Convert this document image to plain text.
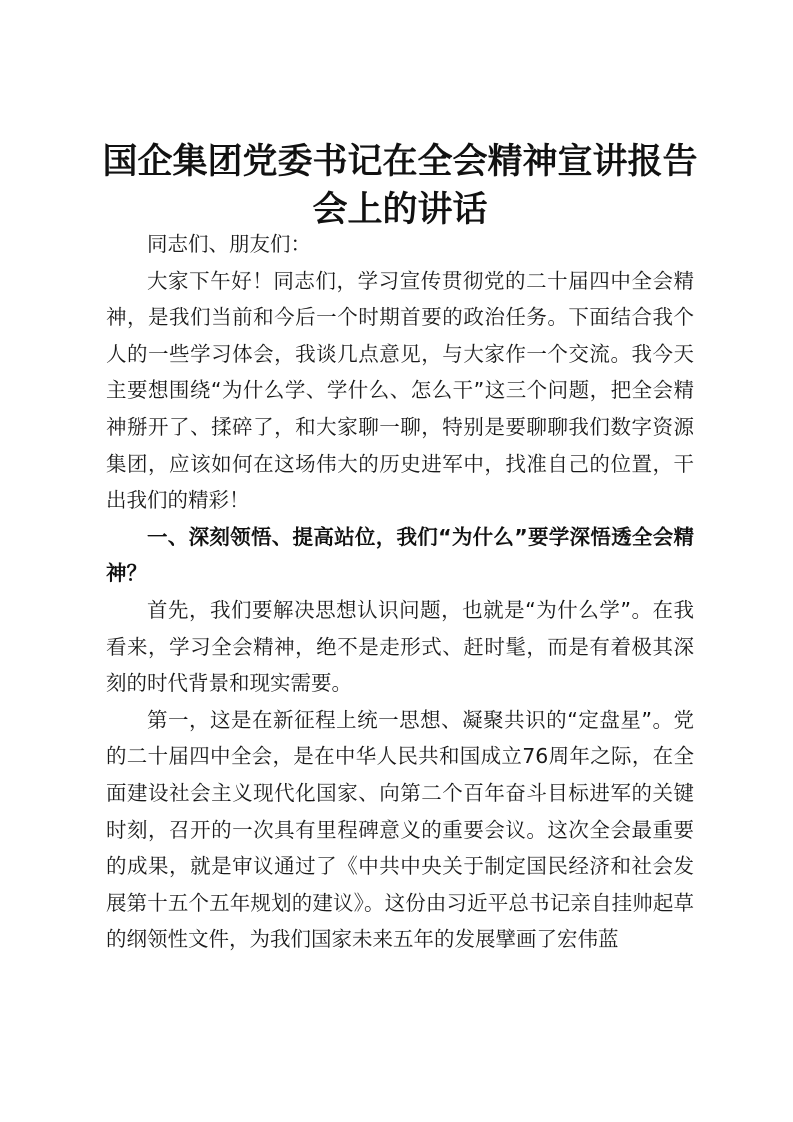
国企集团党委书记在全会精神宣讲报告会上的讲话

同志们、朋友们：

大家下午好！同志们，学习宣传贯彻党的二十届四中全会精神，是我们当前和今后一个时期首要的政治任务。下面结合我个人的一些学习体会，我谈几点意见，与大家作一个交流。我今天主要想围绕“为什么学、学什么、怎么干”这三个问题，把全会精神掰开了、揉碎了，和大家聊一聊，特别是要聊聊我们数字资源集团，应该如何在这场伟大的历史进军中，找准自己的位置，干出我们的精彩！

一、深刻领悟、提高站位，我们“为什么”要学深悟透全会精神？

首先，我们要解决思想认识问题，也就是“为什么学”。在我看来，学习全会精神，绝不是走形式、赶时髦，而是有着极其深刻的时代背景和现实需要。

第一，这是在新征程上统一思想、凝聚共识的“定盘星”。党的二十届四中全会，是在中华人民共和国成立76周年之际，在全面建设社会主义现代化国家、向第二个百年奋斗目标进军的关键时刻，召开的一次具有里程碑意义的重要会议。这次全会最重要的成果，就是审议通过了《中共中央关于制定国民经济和社会发展第十五个五年规划的建议》。这份由习近平总书记亲自挂帅起草的纲领性文件，为我们国家未来五年的发展擘画了宏伟蓝
